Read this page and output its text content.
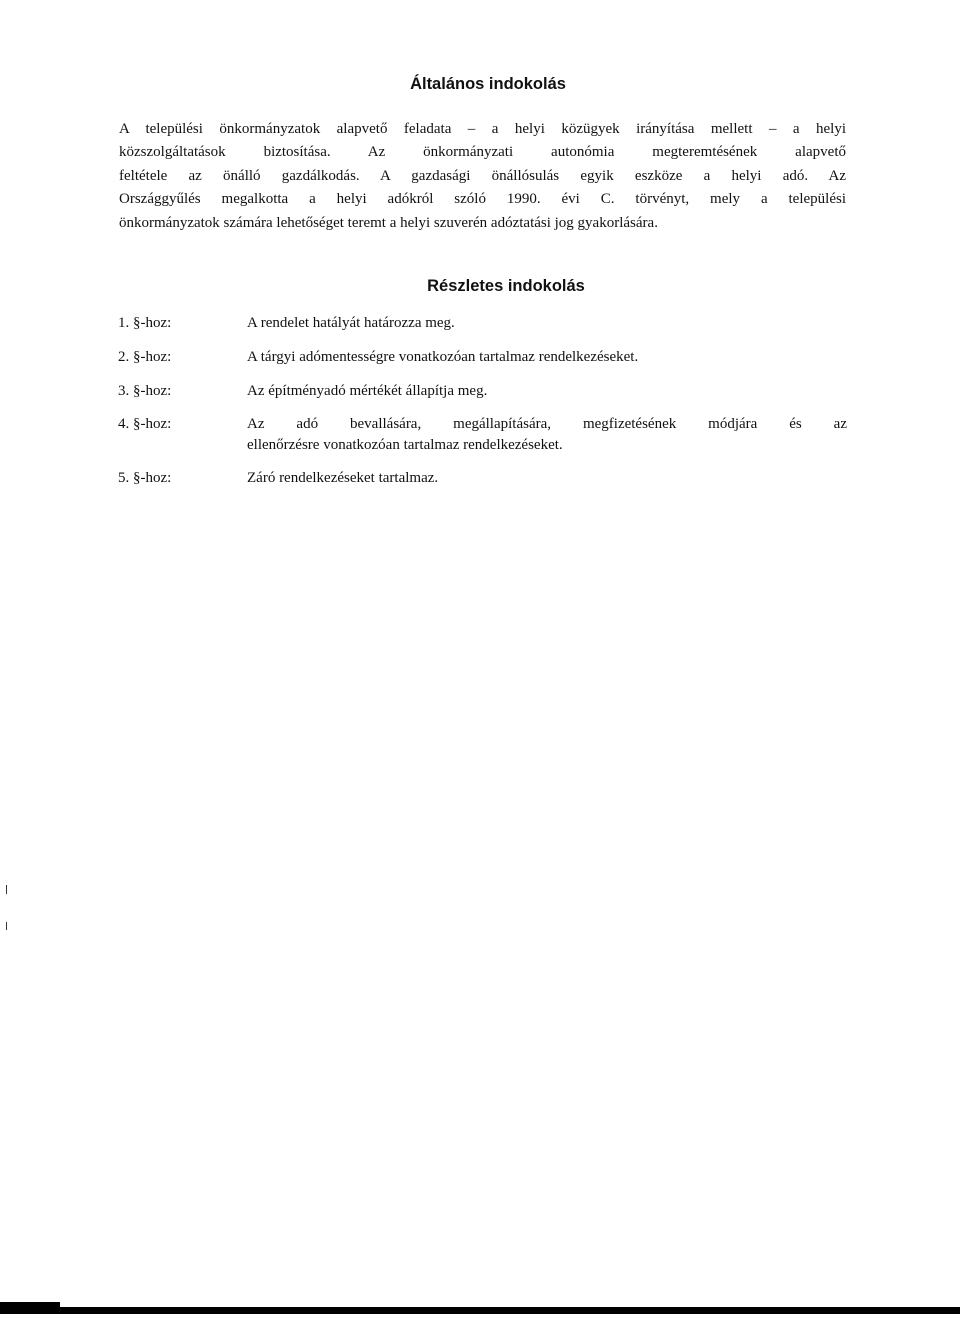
Általános indokolás
A települési önkormányzatok alapvető feladata – a helyi közügyek irányítása mellett – a helyi
közszolgáltatások biztosítása. Az önkormányzati autonómia megteremtésének alapvető
feltétele az önálló gazdálkodás. A gazdasági önállósulás egyik eszköze a helyi adó. Az
Országgyűlés megalkotta a helyi adókról szóló 1990. évi C. törvényt, mely a települési
önkormányzatok számára lehetőséget teremt a helyi szuverén adóztatási jog gyakorlására.
Részletes indokolás
1. §-hoz:	A rendelet hatályát határozza meg.
2. §-hoz:	A tárgyi adómentességre vonatkozóan tartalmaz rendelkezéseket.
3. §-hoz:	Az építményadó mértékét állapítja meg.
4. §-hoz:	Az adó bevallására, megállapítására, megfizetésének módjára és az
ellenőrzésre vonatkozóan tartalmaz rendelkezéseket.
5. §-hoz:	Záró rendelkezéseket tartalmaz.
